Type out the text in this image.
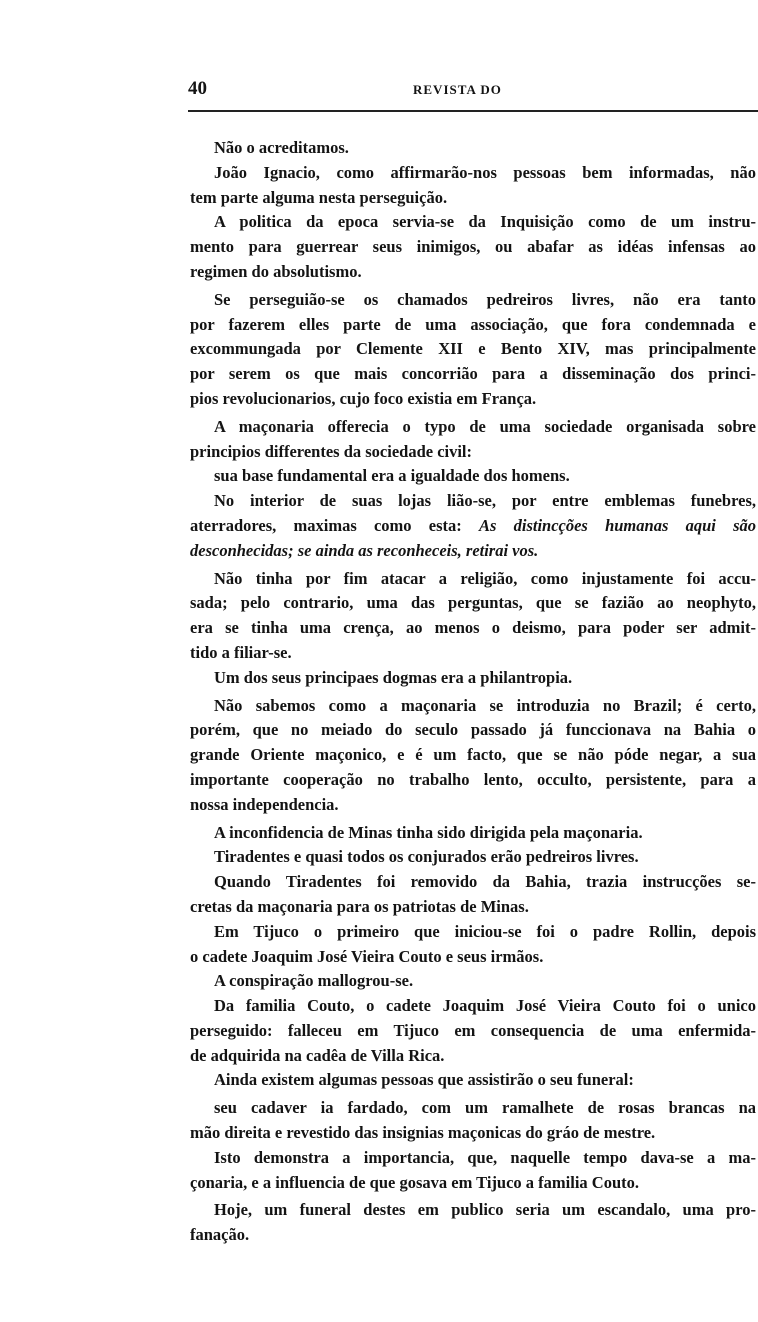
40	REVISTA DO
Não o acreditamos.
João Ignacio, como affirmarão-nos pessoas bem informadas, não
tem parte alguma nesta perseguição.
A politica da epoca servia-se da Inquisição como de um instru-
mento para guerrear seus inimigos, ou abafar as idéas infensas ao
regimen do absolutismo.
Se perseguião-se os chamados pedreiros livres, não era tanto
por fazerem elles parte de uma associação, que fora condemnada e
excommungada por Clemente XII e Bento XIV, mas principalmente
por serem os que mais concorrião para a disseminação dos princi-
pios revolucionarios, cujo foco existia em França.
A maçonaria offerecia o typo de uma sociedade organisada sobre
principios differentes da sociedade civil:
sua base fundamental era a igualdade dos homens.
No interior de suas lojas lião-se, por entre emblemas funebres,
aterradores, maximas como esta: As distincções humanas aqui são
desconhecidas; se ainda as reconheceis, retirai vos.
Não tinha por fim atacar a religião, como injustamente foi accu-
sada; pelo contrario, uma das perguntas, que se fazião ao neophyto,
era se tinha uma crença, ao menos o deismo, para poder ser admit-
tido a filiar-se.
Um dos seus principaes dogmas era a philantropia.
Não sabemos como a maçonaria se introduzia no Brazil; é certo,
porém, que no meiado do seculo passado já funccionava na Bahia o
grande Oriente maçonico, e é um facto, que se não póde negar, a sua
importante cooperação no trabalho lento, occulto, persistente, para a
nossa independencia.
A inconfidencia de Minas tinha sido dirigida pela maçonaria.
Tiradentes e quasi todos os conjurados erão pedreiros livres.
Quando Tiradentes foi removido da Bahia, trazia instrucções se-
cretas da maçonaria para os patriotas de Minas.
Em Tijuco o primeiro que iniciou-se foi o padre Rollin, depois
o cadete Joaquim José Vieira Couto e seus irmãos.
A conspiração mallogrou-se.
Da familia Couto, o cadete Joaquim José Vieira Couto foi o unico
perseguido: falleceu em Tijuco em consequencia de uma enfermida-
de adquirida na cadêa de Villa Rica.
Ainda existem algumas pessoas que assistirão o seu funeral:
seu cadaver ia fardado, com um ramalhete de rosas brancas na
mão direita e revestido das insignias maçonicas do gráo de mestre.
Isto demonstra a importancia, que, naquelle tempo dava-se a ma-
çonaria, e a influencia de que gosava em Tijuco a familia Couto.
Hoje, um funeral destes em publico seria um escandalo, uma pro-
fanação.
